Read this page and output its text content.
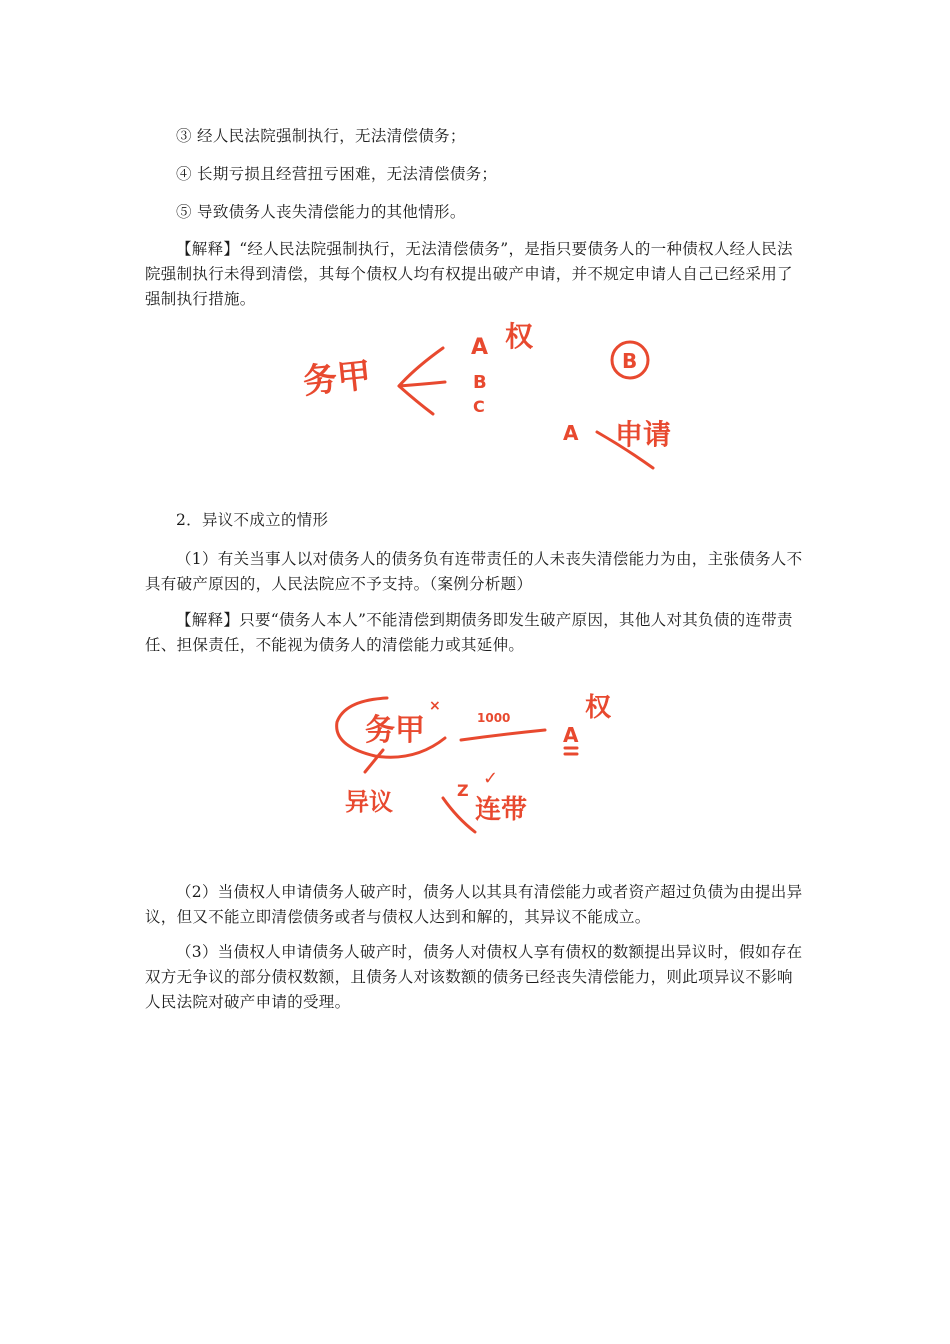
③ 经人民法院强制执行，无法清偿债务；

④ 长期亏损且经营扭亏困难，无法清偿债务；

⑤ 导致债务人丧失清偿能力的其他情形。

【解释】“经人民法院强制执行，无法清偿债务”，是指只要债务人的一种债权人经人民法院强制执行未得到清偿，其每个债权人均有权提出破产申请，并不规定申请人自己已经采用了强制执行措施。

务甲
A 权
B
C
B
A 申请

2．异议不成立的情形

（1）有关当事人以对债务人的债务负有连带责任的人未丧失清偿能力为由，主张债务人不具有破产原因的，人民法院应不予支持。（案例分析题）

【解释】只要“债务人本人”不能清偿到期债务即发生破产原因，其他人对其负债的连带责任、担保责任，不能视为债务人的清偿能力或其延伸。

务甲
×
1000
A
权
异议	Z
✓
连带

（2）当债权人申请债务人破产时，债务人以其具有清偿能力或者资产超过负债为由提出异议，但又不能立即清偿债务或者与债权人达到和解的，其异议不能成立。

（3）当债权人申请债务人破产时，债务人对债权人享有债权的数额提出异议时，假如存在双方无争议的部分债权数额，且债务人对该数额的债务已经丧失清偿能力，则此项异议不影响人民法院对破产申请的受理。
